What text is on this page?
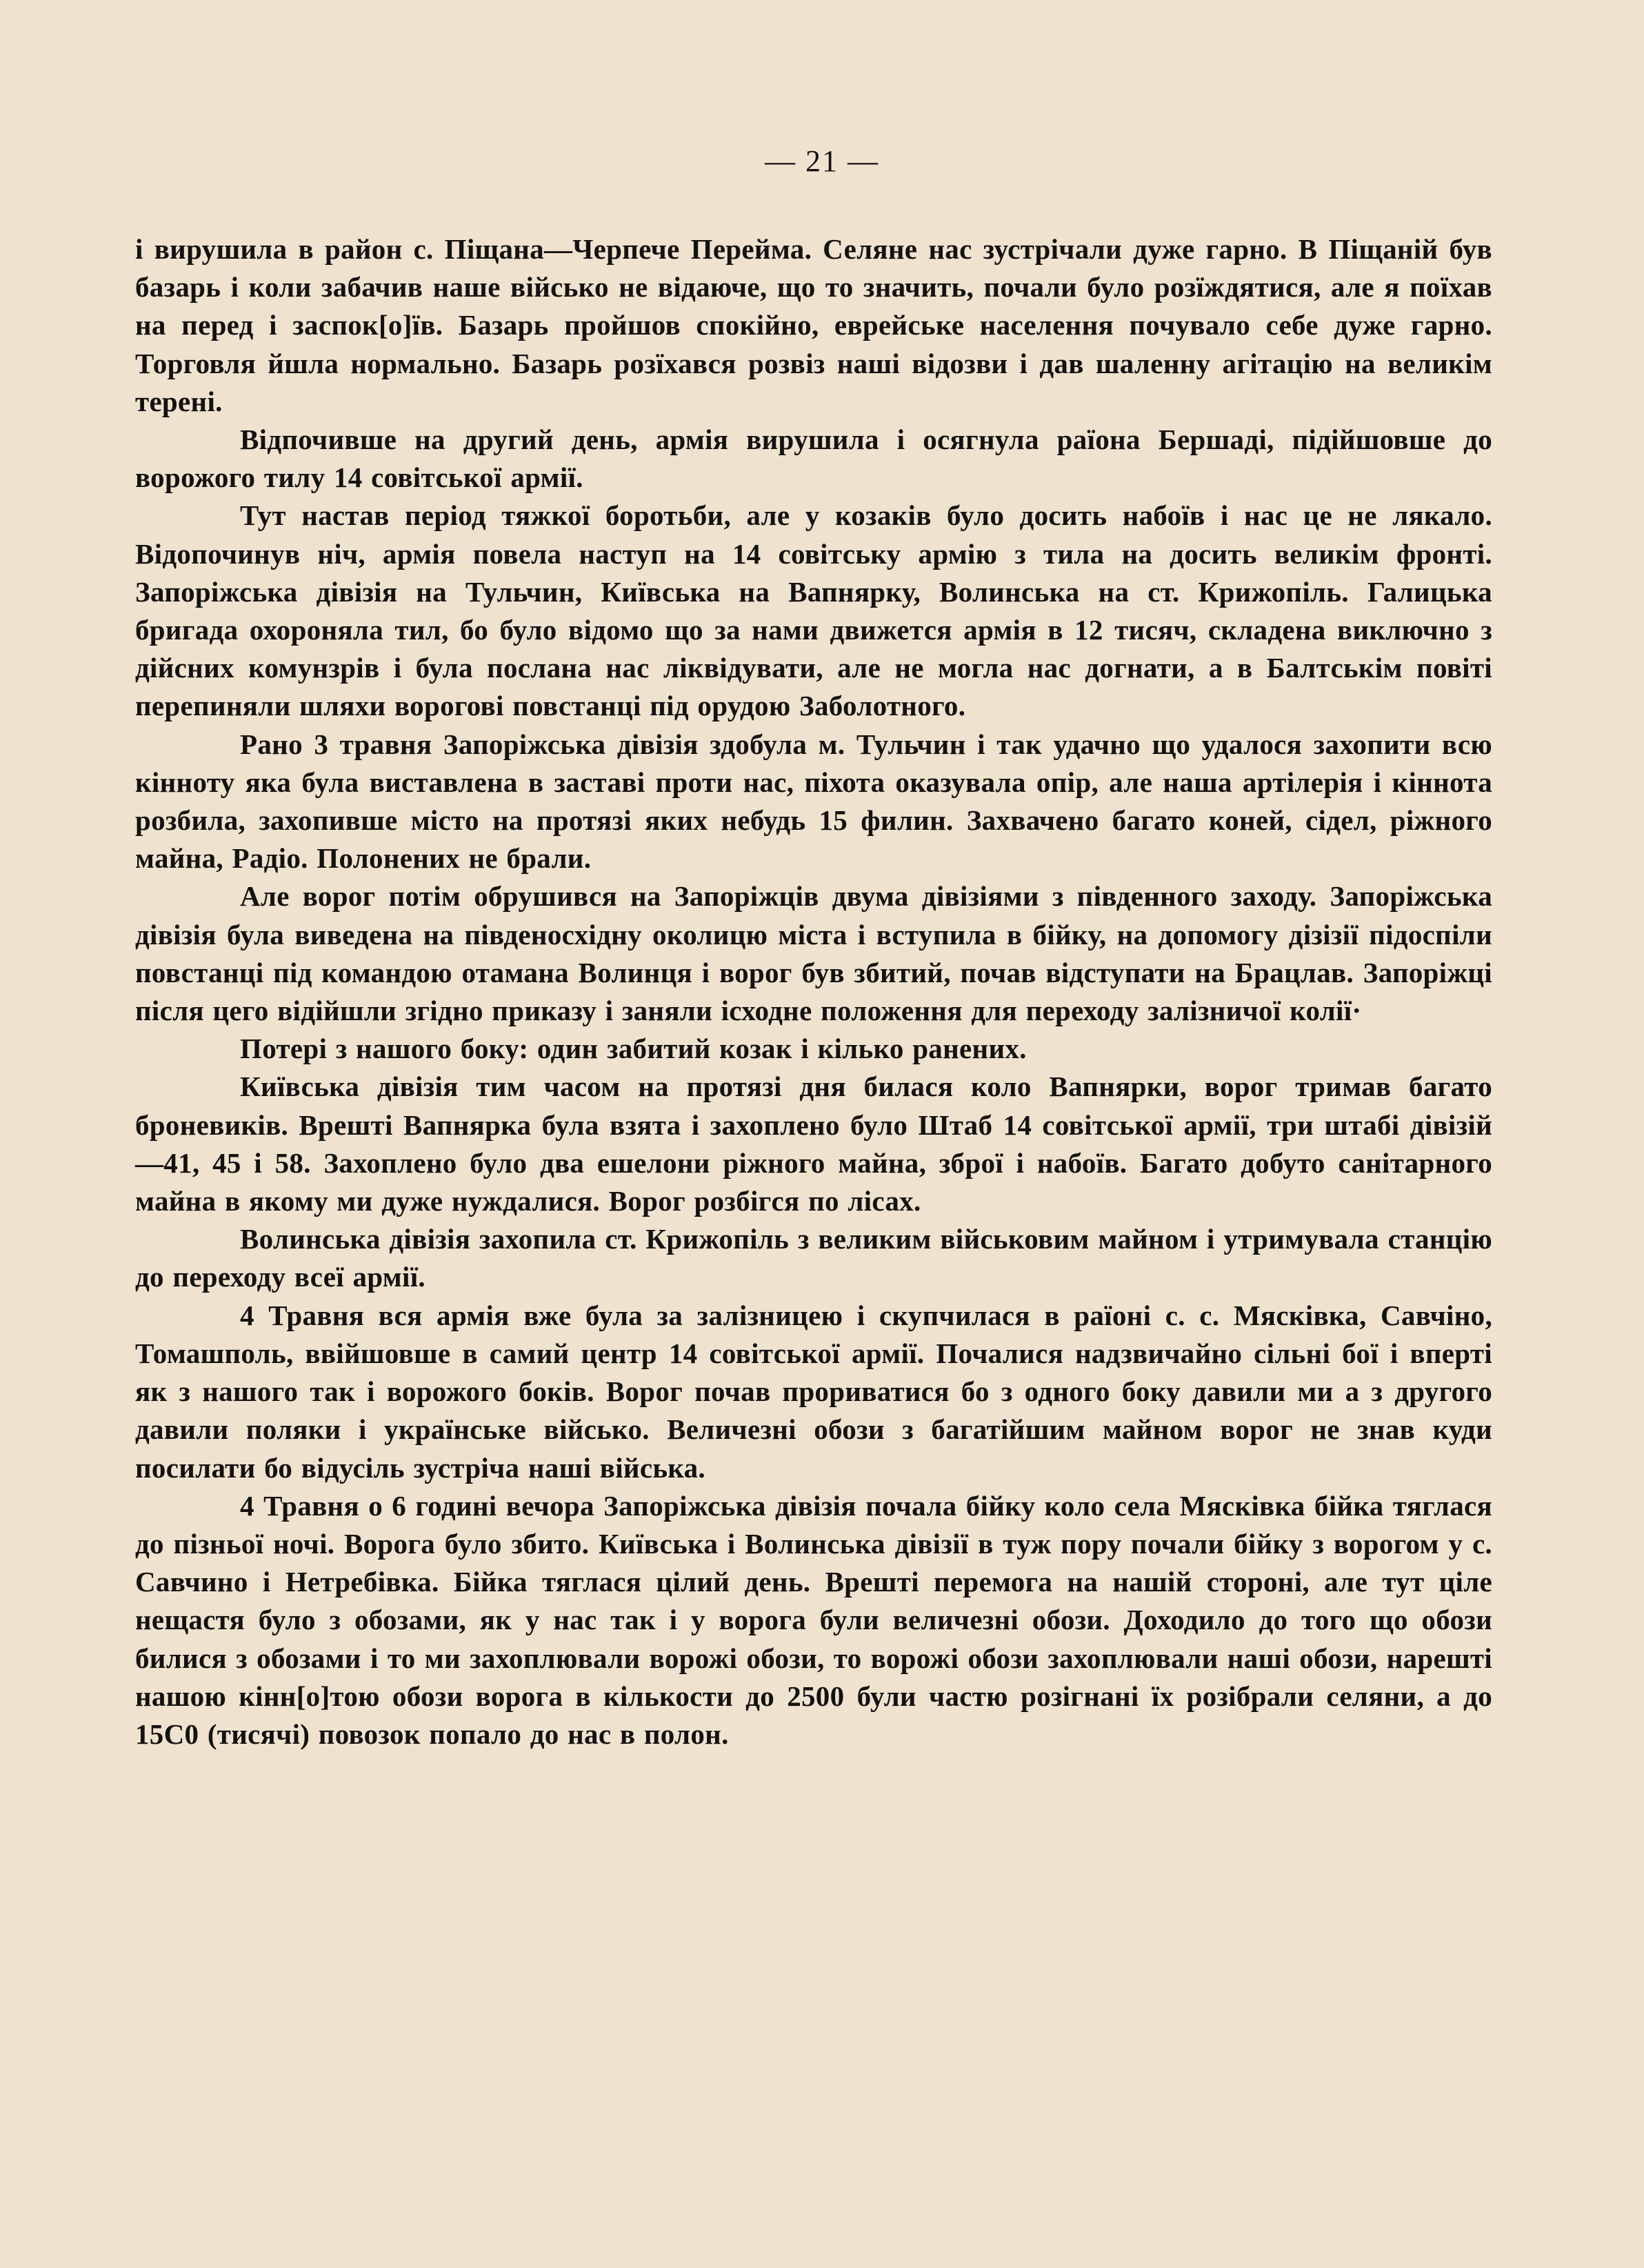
— 21 —

і вирушила в район с. Піщана—Черпече Перейма. Селяне нас зустрічали дуже гарно. В Піщаній був базарь і коли забачив наше військо не відаюче, що то значить, почали було розїждятися, але я поїхав на перед і заспок[о]їв. Базарь пройшов спокійно, еврейське населення почувало себе дуже гарно. Торговля йшла нормально. Базарь розїхався розвіз наші відозви і дав шаленну агітацію на великім терені.

Відпочивше на другий день, армія вирушила і осягнула раїона Бершаді, підійшовше до ворожого тилу 14 совітської армії.

Тут настав період тяжкої боротьби, але у козаків було досить набоїв і нас це не лякало. Відопочинув ніч, армія повела наступ на 14 совітську армію з тила на досить великім фронті. Запоріжська дівізія на Тульчин, Київська на Вапнярку, Волинська на ст. Крижопіль. Галицька бригада охороняла тил, бо було відомо що за нами движется армія в 12 тисяч, складена виключно з дійсних комунзрів і була послана нас ліквідувати, але не могла нас догнати, а в Балтськім повіті перепиняли шляхи ворогові повстанці під орудою Заболотного.

Рано 3 травня Запоріжська дівізія здобула м. Тульчин і так удачно що удалося захопити всю кінноту яка була виставлена в заставі проти нас, піхота оказувала опір, але наша артілерія і кіннота розбила, захопивше місто на протязі яких небудь 15 филин. Захвачено багато коней, сідел, ріжного майна, Радіо. Полонених не брали.

Але ворог потім обрушився на Запоріжців двума дівізіями з південного заходу. Запоріжська дівізія була виведена на південосхідну околицю міста і вступила в бійку, на допомогу дізізії підоспіли повстанці під командою отамана Волинця і ворог був збитий, почав відступати на Брацлав. Запоріжці після цего відійшли згідно приказу і заняли ісходне положення для переходу залізничої колії·

Потері з нашого боку: один забитий козак і кілько ранених.

Київська дівізія тим часом на протязі дня билася коло Вапнярки, ворог тримав багато броневиків. Врешті Вапнярка була взята і захоплено було Штаб 14 совітської армії, три штабі дівізій—41, 45 і 58. Захоплено було два ешелони ріжного майна, зброї і набоїв. Багато добуто санітарного майна в якому ми дуже нуждалися. Ворог розбігся по лісах.

Волинська дівізія захопила ст. Крижопіль з великим військовим майном і утримувала станцію до переходу всеї армії.

4 Травня вся армія вже була за залізницею і скупчилася в раїоні с. с. Мясківка, Савчіно, Томашполь, ввійшовше в самий центр 14 совітської армії. Почалися надзвичайно сільні бої і вперті як з нашого так і ворожого боків. Ворог почав прориватися бо з одного боку давили ми а з другого давили поляки і українське військо. Величезні обози з багатійшим майном ворог не знав куди посилати бо відусіль зустріча наші війська.

4 Травня о 6 годині вечора Запоріжська дівізія почала бійку коло села Мясківка бійка тяглася до пізньої ночі. Ворога було збито. Київська і Волинська дівізії в туж пору почали бійку з ворогом у с. Савчино і Нетребівка. Бійка тяглася цілий день. Врешті перемога на нашій стороні, але тут ціле нещастя було з обозами, як у нас так і у ворога були величезні обози. Доходило до того що обози билися з обозами і то ми захоплювали ворожі обози, то ворожі обози захоплювали наші обози, нарешті нашою кінн[о]тою обози ворога в кількости до 2500 були частю розігнані їх розібрали селяни, а до 15С0 (тисячі) повозок попало до нас в полон.
